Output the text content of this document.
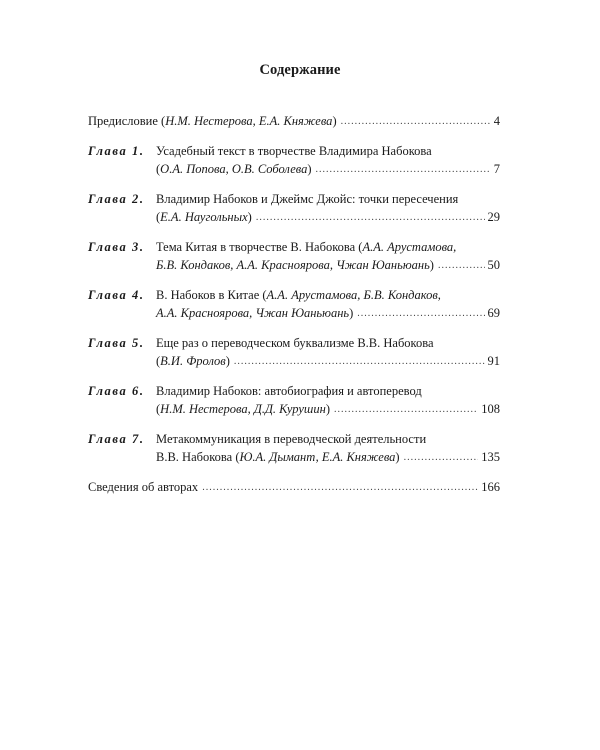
Содержание
Предисловие (Н.М. Нестерова, Е.А. Княжева) .....	4
Глава 1. Усадебный текст в творчестве Владимира Набокова
(О.А. Попова, О.В. Соболева) .....	7
Глава 2. Владимир Набоков и Джеймс Джойс: точки пересечения
(Е.А. Наугольных) .....	29
Глава 3. Тема Китая в творчестве В. Набокова (А.А. Арустамова,
Б.В. Кондаков, А.А. Краснoярова, Чжан Юаньюань) .....	50
Глава 4. В. Набоков в Китае (А.А. Арустамова, Б.В. Кондаков,
А.А. Красноярова, Чжан Юаньюань) .....	69
Глава 5. Еще раз о переводческом буквализме В.В. Набокова
(В.И. Фролов) .....	91
Глава 6. Владимир Набоков: автобиография и автоперевод
(Н.М. Нестерова, Д.Д. Курушин) .....	108
Глава 7. Метакоммуникация в переводческой деятельности
В.В. Набокова (Ю.А. Дымант, Е.А. Княжева) .....	135
Сведения об авторах .....	166
